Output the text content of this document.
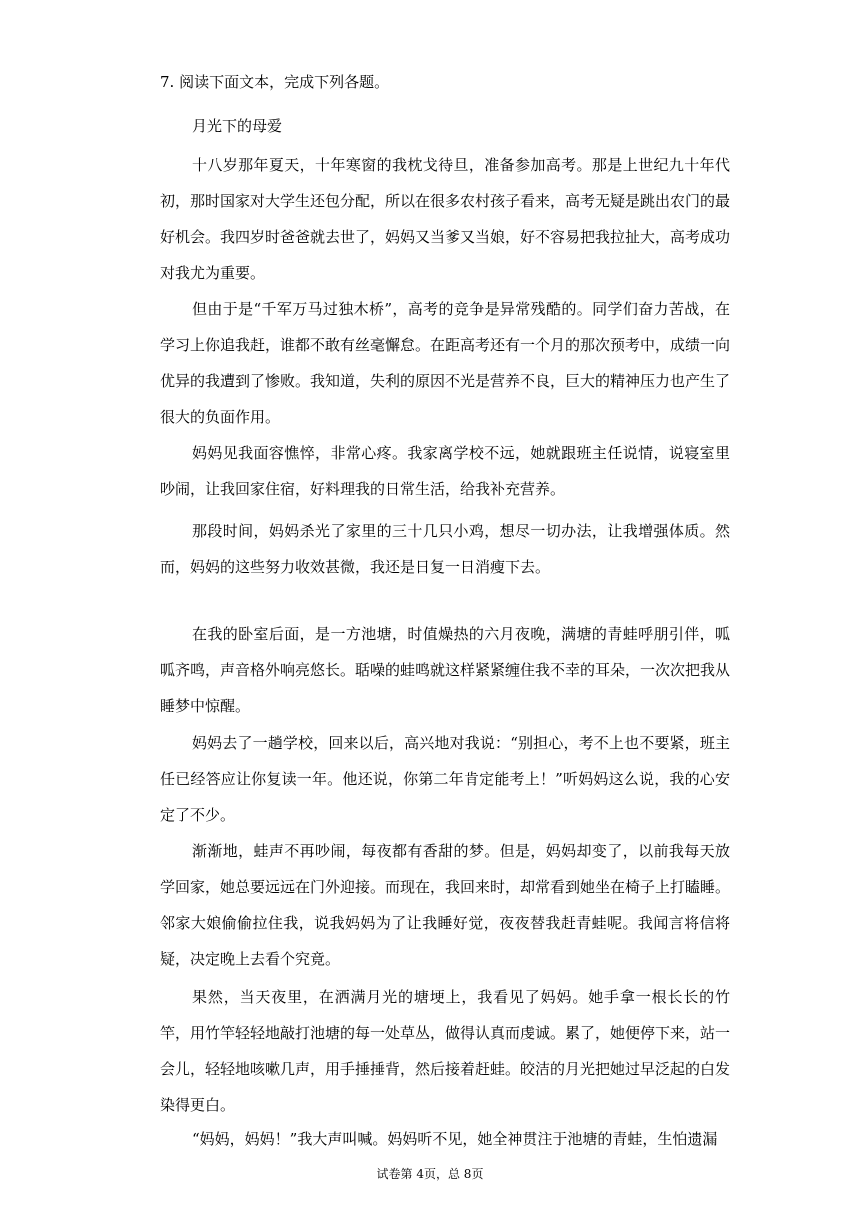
7. 阅读下面文本，完成下列各题。
月光下的母爱
十八岁那年夏天，十年寒窗的我枕戈待旦，准备参加高考。那是上世纪九十年代初，那时国家对大学生还包分配，所以在很多农村孩子看来，高考无疑是跳出农门的最好机会。我四岁时爸爸就去世了，妈妈又当爹又当娘，好不容易把我拉扯大，高考成功对我尤为重要。
但由于是“千军万马过独木桥”，高考的竞争是异常残酷的。同学们奋力苦战，在学习上你追我赶，谁都不敢有丝毫懈怠。在距高考还有一个月的那次预考中，成绩一向优异的我遭到了惨败。我知道，失利的原因不光是营养不良，巨大的精神压力也产生了很大的负面作用。
妈妈见我面容憔悴，非常心疼。我家离学校不远，她就跟班主任说情，说寝室里吵闹，让我回家住宿，好料理我的日常生活，给我补充营养。
那段时间，妈妈杀光了家里的三十几只小鸡，想尽一切办法，让我增强体质。然而，妈妈的这些努力收效甚微，我还是日复一日消瘦下去。
在我的卧室后面，是一方池塘，时值燥热的六月夜晚，满塘的青蛙呼朋引伴，呱呱齐鸣，声音格外响亮悠长。聒噪的蛙鸣就这样紧紧缠住我不幸的耳朵，一次次把我从睡梦中惊醒。
妈妈去了一趟学校，回来以后，高兴地对我说：“别担心，考不上也不要紧，班主任已经答应让你复读一年。他还说，你第二年肯定能考上！”听妈妈这么说，我的心安定了不少。
渐渐地，蛙声不再吵闹，每夜都有香甜的梦。但是，妈妈却变了，以前我每天放学回家，她总要远远在门外迎接。而现在，我回来时，却常看到她坐在椅子上打瞌睡。邻家大娘偷偷拉住我，说我妈妈为了让我睡好觉，夜夜替我赶青蛙呢。我闻言将信将疑，决定晚上去看个究竟。
果然，当天夜里，在洒满月光的塘埂上，我看见了妈妈。她手拿一根长长的竹竿，用竹竿轻轻地敲打池塘的每一处草丛，做得认真而虔诚。累了，她便停下来，站一会儿，轻轻地咳嗽几声，用手捶捶背，然后接着赶蛙。皎洁的月光把她过早泛起的白发染得更白。
“妈妈，妈妈！”我大声叫喊。妈妈听不见，她全神贯注于池塘的青蛙，生怕遗漏
试卷第 4页，总 8页
